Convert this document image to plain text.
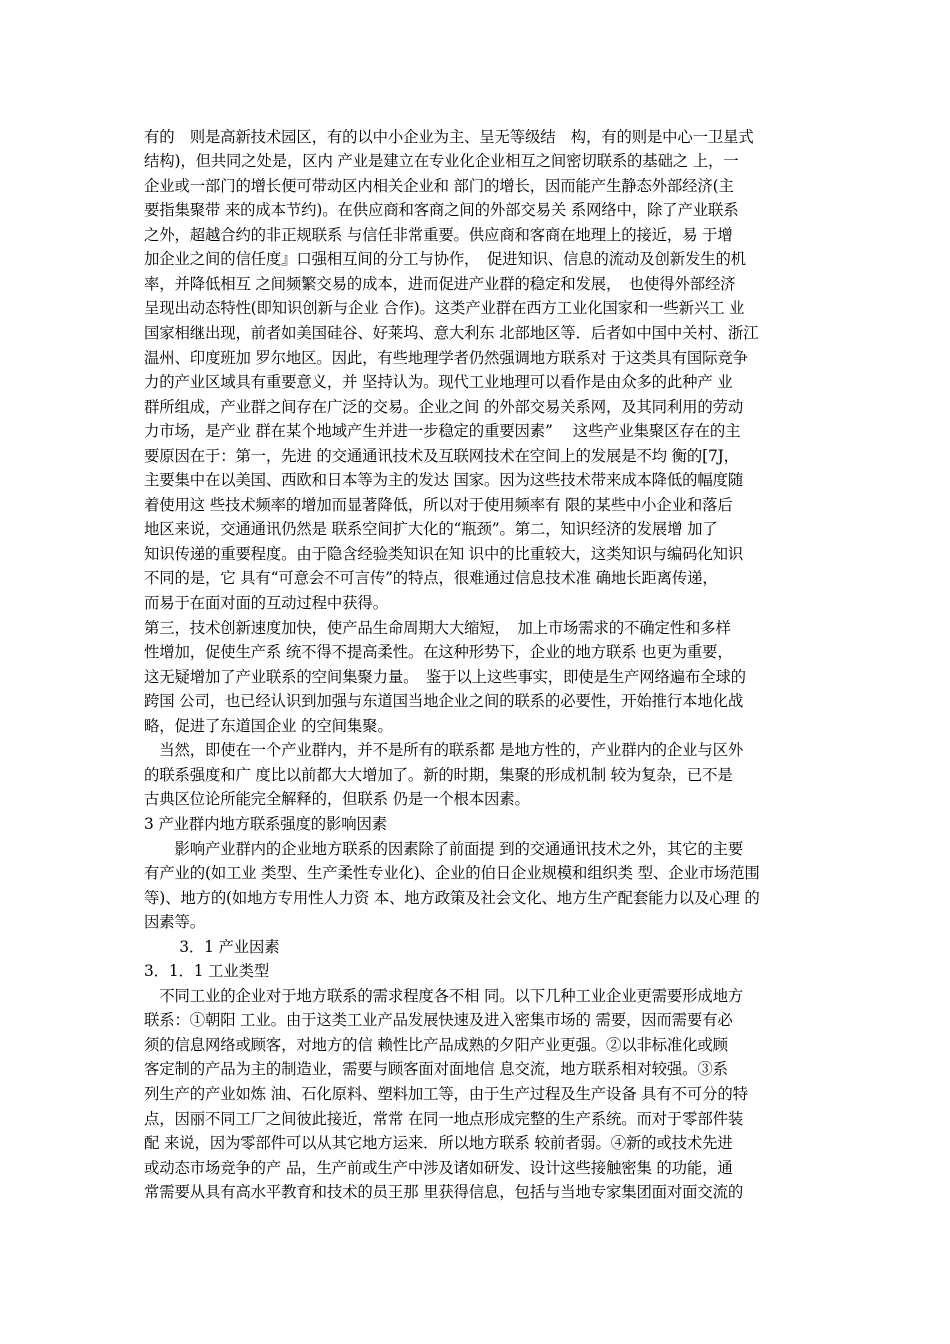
有的　则是高新技术园区，有的以中小企业为主、呈无等级结　构，有的则是中心一卫星式
结构)，但共同之处是，区内 产业是建立在专业化企业相互之间密切联系的基础之 上，一
企业或一部门的增长便可带动区内相关企业和 部门的增长，因而能产生静态外部经济(主
要指集聚带 来的成本节约)。在供应商和客商之间的外部交易关 系网络中，除了产业联系
之外，超越合约的非正规联系 与信任非常重要。供应商和客商在地理上的接近，易 于增
加企业之间的信任度』口强相互间的分工与协作，　促进知识、信息的流动及创新发生的机
率，并降低相互 之间频繁交易的成本，进而促进产业群的稳定和发展，　也使得外部经济
呈现出动态特性(即知识创新与企业 合作)。这类产业群在西方工业化国家和一些新兴工 业
国家相继出现，前者如美国硅谷、好莱坞、意大利东 北部地区等．后者如中国中关村、浙江
温州、印度班加 罗尔地区。因此，有些地理学者仍然强调地方联系对 于这类具有国际竞争
力的产业区域具有重要意义，并 坚持认为。现代工业地理可以看作是由众多的此种产 业
群所组成，产业群之间存在广泛的交易。企业之间 的外部交易关系网，及其同利用的劳动
力市场，是产业 群在某个地域产生并进一步稳定的重要因素”　 这些产业集聚区存在的主
要原因在于：第一，先进 的交通通讯技术及互联网技术在空间上的发展是不均 衡的[7J，
主要集中在以美国、西欧和日本等为主的发达 国家。因为这些技术带来成本降低的幅度随
着使用这 些技术频率的增加而显著降低，所以对于使用频率有 限的某些中小企业和落后
地区来说，交通通讯仍然是 联系空间扩大化的“瓶颈”。第二，知识经济的发展增 加了
知识传递的重要程度。由于隐含经验类知识在知 识中的比重较大，这类知识与编码化知识
不同的是，它 具有“可意会不可言传”的特点，很难通过信息技术准 确地长距离传递，
而易于在面对面的互动过程中获得。
第三，技术创新速度加快，使产品生命周期大大缩短，　加上市场需求的不确定性和多样
性增加，促使生产系 统不得不提高柔性。在这种形势下，企业的地方联系 也更为重要，
这无疑增加了产业联系的空间集聚力量。　鉴于以上这些事实，即使是生产网络遍布全球的
跨国 公司，也已经认识到加强与东道国当地企业之间的联系的必要性，开始推行本地化战
略，促进了东道国企业 的空间集聚。
　当然，即使在一个产业群内，并不是所有的联系都 是地方性的，产业群内的企业与区外
的联系强度和广 度比以前都大大增加了。新的时期，集聚的形成机制 较为复杂，已不是
古典区位论所能完全解释的，但联系 仍是一个根本因素。
3 产业群内地方联系强度的影响因素
　　影响产业群内的企业地方联系的因素除了前面提 到的交通通讯技术之外，其它的主要
有产业的(如工业 类型、生产柔性专业化)、企业的伯日企业规模和组织类 型、企业市场范围
等)、地方的(如地方专用性人力资 本、地方政策及社会文化、地方生产配套能力以及心理 的
因素等。
　　 3．1 产业因素
3．1．1 工业类型
　不同工业的企业对于地方联系的需求程度各不相 同。以下几种工业企业更需要形成地方
联系：①朝阳 工业。由于这类工业产品发展快速及进入密集市场的 需要，因而需要有必
须的信息网络或顾客，对地方的信 赖性比产品成熟的夕阳产业更强。②以非标准化或顾
客定制的产品为主的制造业，需要与顾客面对面地信 息交流，地方联系相对较强。③系
列生产的产业如炼 油、石化原料、塑料加工等，由于生产过程及生产设备 具有不可分的特
点，因丽不同工厂之间彼此接近，常常 在同一地点形成完整的生产系统。而对于零部件装
配 来说，因为零部件可以从其它地方运来．所以地方联系 较前者弱。④新的或技术先进
或动态市场竞争的产 品，生产前或生产中涉及诸如研发、设计这些接触密集 的功能，通
常需要从具有高水平教育和技术的员王那 里获得信息，包括与当地专家集团面对面交流的
